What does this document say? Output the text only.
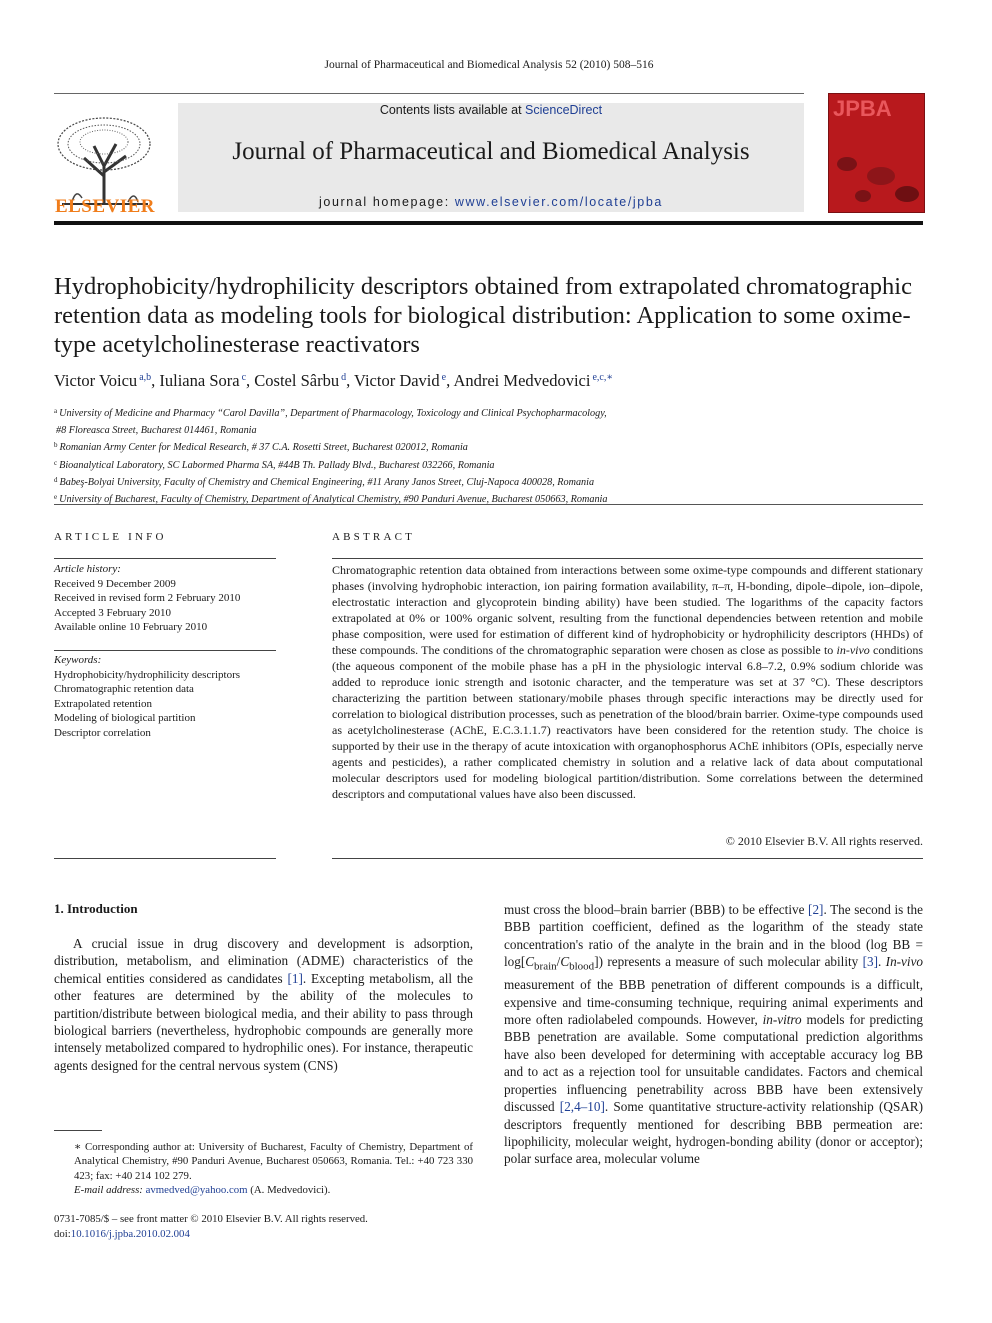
Journal of Pharmaceutical and Biomedical Analysis 52 (2010) 508–516
ELSEVIER
Contents lists available at ScienceDirect
Journal of Pharmaceutical and Biomedical Analysis
journal homepage: www.elsevier.com/locate/jpba
JPBA
Hydrophobicity/hydrophilicity descriptors obtained from extrapolated chromatographic retention data as modeling tools for biological distribution: Application to some oxime-type acetylcholinesterase reactivators
Victor Voicu $^{a,b}$, Iuliana Sora $^c$, Costel Sârbu $^d$, Victor David $^e$, Andrei Medvedovici $^{e,c,∗}$
$^a$ University of Medicine and Pharmacy “Carol Davilla”, Department of Pharmacology, Toxicology and Clinical Psychopharmacology,
#8 Floreasca Street, Bucharest 014461, Romania
$^b$ Romanian Army Center for Medical Research, # 37 C.A. Rosetti Street, Bucharest 020012, Romania
$^c$ Bioanalytical Laboratory, SC Labormed Pharma SA, #44B Th. Pallady Blvd., Bucharest 032266, Romania
$^d$ Babeş-Bolyai University, Faculty of Chemistry and Chemical Engineering, #11 Arany Janos Street, Cluj-Napoca 400028, Romania
$^e$ University of Bucharest, Faculty of Chemistry, Department of Analytical Chemistry, #90 Panduri Avenue, Bucharest 050663, Romania
ARTICLE INFO
Article history:
Received 9 December 2009
Received in revised form 2 February 2010
Accepted 3 February 2010
Available online 10 February 2010
Keywords:
Hydrophobicity/hydrophilicity descriptors
Chromatographic retention data
Extrapolated retention
Modeling of biological partition
Descriptor correlation
ABSTRACT
Chromatographic retention data obtained from interactions between some oxime-type compounds and different stationary phases (involving hydrophobic interaction, ion pairing formation availability, π–π, H-bonding, dipole–dipole, ion–dipole, electrostatic interaction and glycoprotein binding ability) have been studied. The logarithms of the capacity factors extrapolated at 0% or 100% organic solvent, resulting from the functional dependencies between retention and mobile phase composition, were used for estimation of different kind of hydrophobicity or hydrophilicity descriptors (HHDs) of these compounds. The conditions of the chromatographic separation were chosen as close as possible to in-vivo conditions (the aqueous component of the mobile phase has a pH in the physiologic interval 6.8–7.2, 0.9% sodium chloride was added to reproduce ionic strength and isotonic character, and the temperature was set at 37 °C). These descriptors characterizing the partition between stationary/mobile phases through specific interactions may be directly used for correlation to biological distribution processes, such as penetration of the blood/brain barrier. Oxime-type compounds used as acetylcholinesterase (AChE, E.C.3.1.1.7) reactivators have been considered for the retention study. The choice is supported by their use in the therapy of acute intoxication with organophosphorus AChE inhibitors (OPIs, especially nerve agents and pesticides), a rather complicated chemistry in solution and a relative lack of data about computational molecular descriptors used for modeling biological partition/distribution. Some correlations between the determined descriptors and computational values have also been discussed.
© 2010 Elsevier B.V. All rights reserved.
1. Introduction
A crucial issue in drug discovery and development is adsorption, distribution, metabolism, and elimination (ADME) characteristics of the chemical entities considered as candidates [1]. Excepting metabolism, all the other features are determined by the ability of the molecules to partition/distribute between biological media, and their ability to pass through biological barriers (nevertheless, hydrophobic compounds are generally more intensely metabolized compared to hydrophilic ones). For instance, therapeutic agents designed for the central nervous system (CNS)
must cross the blood–brain barrier (BBB) to be effective [2]. The second is the BBB partition coefficient, defined as the logarithm of the steady state concentration's ratio of the analyte in the brain and in the blood (log BB = $\log[C_{brain}/C_{blood}]$) represents a measure of such molecular ability [3]. In-vivo measurement of the BBB penetration of different compounds is a difficult, expensive and time-consuming technique, requiring animal experiments and more often radiolabeled compounds. However, in-vitro models for predicting BBB penetration are available. Some computational prediction algorithms have also been developed for determining with acceptable accuracy log BB and to act as a rejection tool for unsuitable candidates. Factors and chemical properties influencing penetrability across BBB have been extensively discussed [2,4–10]. Some quantitative structure-activity relationship (QSAR) descriptors frequently mentioned for describing BBB permeation are: lipophilicity, molecular weight, hydrogen-bonding ability (donor or acceptor); polar surface area, molecular volume
∗ Corresponding author at: University of Bucharest, Faculty of Chemistry, Department of Analytical Chemistry, #90 Panduri Avenue, Bucharest 050663, Romania. Tel.: +40 723 330 423; fax: +40 214 102 279.
E-mail address: avmedved@yahoo.com (A. Medvedovici).
0731-7085/$ – see front matter © 2010 Elsevier B.V. All rights reserved.
doi:10.1016/j.jpba.2010.02.004
